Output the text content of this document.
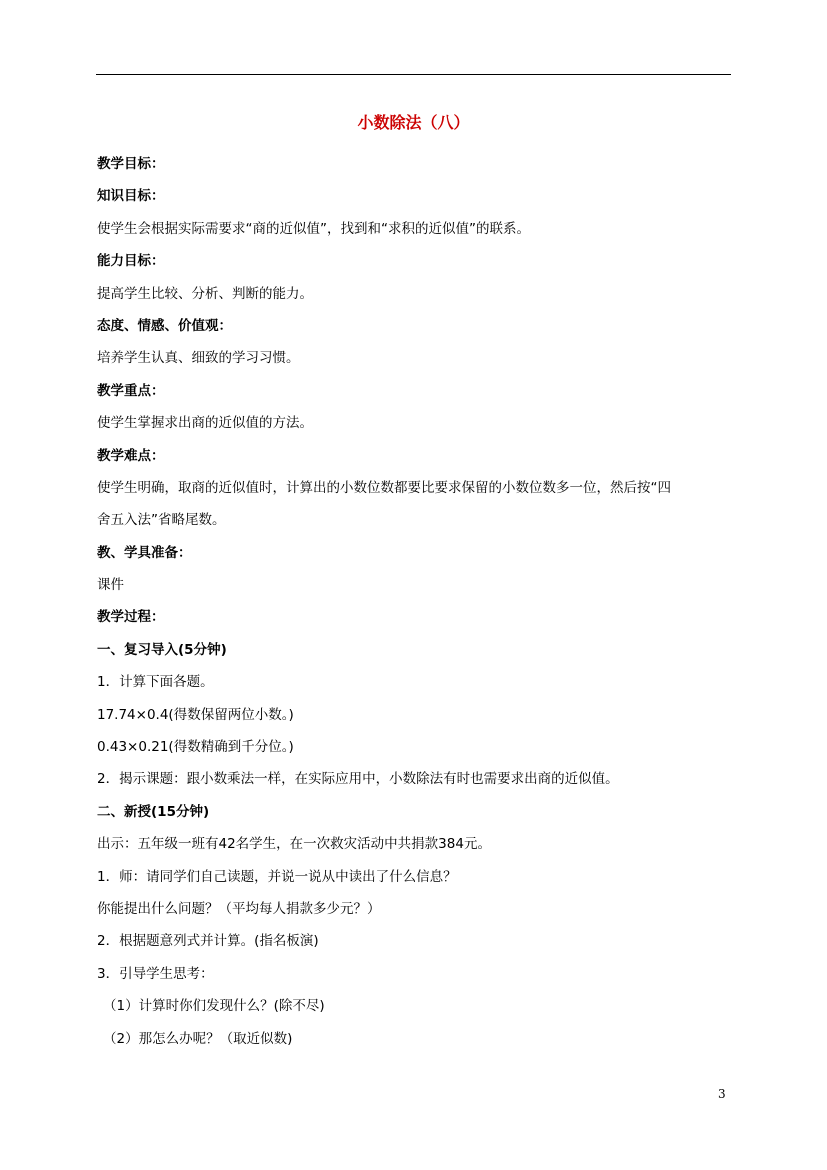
小数除法（八）
教学目标：
知识目标：
使学生会根据实际需要求“商的近似值”，找到和“求积的近似值”的联系。
能力目标：
提高学生比较、分析、判断的能力。
态度、情感、价值观：
培养学生认真、细致的学习习惯。
教学重点：
使学生掌握求出商的近似值的方法。
教学难点：
使学生明确，取商的近似值时，计算出的小数位数都要比要求保留的小数位数多一位，然后按“四
舍五入法”省略尾数。
教、学具准备：
课件
教学过程：
一、复习导入(5分钟)
1．计算下面各题。
17.74×0.4(得数保留两位小数。)
0.43×0.21(得数精确到千分位。)
2．揭示课题：跟小数乘法一样，在实际应用中，小数除法有时也需要求出商的近似值。
二、新授(15分钟)
出示：五年级一班有42名学生，在一次救灾活动中共捐款384元。
1．师：请同学们自己读题，并说一说从中读出了什么信息？
你能提出什么问题？（平均每人捐款多少元？）
2．根据题意列式并计算。(指名板演)
3．引导学生思考：
（1）计算时你们发现什么？(除不尽)
（2）那怎么办呢？（取近似数)
3
